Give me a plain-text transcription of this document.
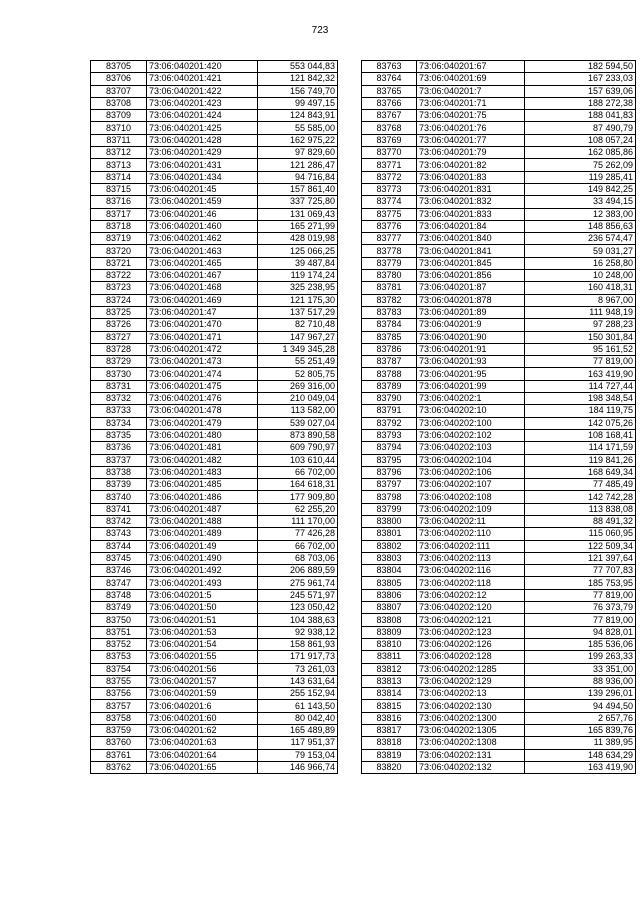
723
83705	73:06:040201:420	553 044,83
83706	73:06:040201:421	121 842,32
83707	73:06:040201:422	156 749,70
83708	73:06:040201:423	99 497,15
83709	73:06:040201:424	124 843,91
83710	73:06:040201:425	55 585,00
83711	73:06:040201:428	162 975,22
83712	73:06:040201:429	97 829,60
83713	73:06:040201:431	121 286,47
83714	73:06:040201:434	94 716,84
83715	73:06:040201:45	157 861,40
83716	73:06:040201:459	337 725,80
83717	73:06:040201:46	131 069,43
83718	73:06:040201:460	165 271,99
83719	73:06:040201:462	428 019,98
83720	73:06:040201:463	125 066,25
83721	73:06:040201:465	39 487,84
83722	73:06:040201:467	119 174,24
83723	73:06:040201:468	325 238,95
83724	73:06:040201:469	121 175,30
83725	73:06:040201:47	137 517,29
83726	73:06:040201:470	82 710,48
83727	73:06:040201:471	147 967,27
83728	73:06:040201:472	1 349 345,28
83729	73:06:040201:473	55 251,49
83730	73:06:040201:474	52 805,75
83731	73:06:040201:475	269 316,00
83732	73:06:040201:476	210 049,04
83733	73:06:040201:478	113 582,00
83734	73:06:040201:479	539 027,04
83735	73:06:040201:480	873 890,58
83736	73:06:040201:481	609 790,97
83737	73:06:040201:482	103 610,44
83738	73:06:040201:483	66 702,00
83739	73:06:040201:485	164 618,31
83740	73:06:040201:486	177 909,80
83741	73:06:040201:487	62 255,20
83742	73:06:040201:488	111 170,00
83743	73:06:040201:489	77 426,28
83744	73:06:040201:49	66 702,00
83745	73:06:040201:490	68 703,06
83746	73:06:040201:492	206 889,59
83747	73:06:040201:493	275 961,74
83748	73:06:040201:5	245 571,97
83749	73:06:040201:50	123 050,42
83750	73:06:040201:51	104 388,63
83751	73:06:040201:53	92 938,12
83752	73:06:040201:54	158 861,93
83753	73:06:040201:55	171 917,73
83754	73:06:040201:56	73 261,03
83755	73:06:040201:57	143 631,64
83756	73:06:040201:59	255 152,94
83757	73:06:040201:6	61 143,50
83758	73:06:040201:60	80 042,40
83759	73:06:040201:62	165 489,89
83760	73:06:040201:63	117 951,37
83761	73:06:040201:64	79 153,04
83762	73:06:040201:65	146 966,74
83763	73:06:040201:67	182 594,50
83764	73:06:040201:69	167 233,03
83765	73:06:040201:7	157 639,06
83766	73:06:040201:71	188 272,38
83767	73:06:040201:75	188 041,83
83768	73:06:040201:76	87 490,79
83769	73:06:040201:77	108 057,24
83770	73:06:040201:79	162 085,86
83771	73:06:040201:82	75 262,09
83772	73:06:040201:83	119 285,41
83773	73:06:040201:831	149 842,25
83774	73:06:040201:832	33 494,15
83775	73:06:040201:833	12 383,00
83776	73:06:040201:84	148 856,63
83777	73:06:040201:840	236 574,47
83778	73:06:040201:841	59 031,27
83779	73:06:040201:845	16 258,80
83780	73:06:040201:856	10 248,00
83781	73:06:040201:87	160 418,31
83782	73:06:040201:878	8 967,00
83783	73:06:040201:89	111 948,19
83784	73:06:040201:9	97 288,23
83785	73:06:040201:90	150 301,84
83786	73:06:040201:91	95 161,52
83787	73:06:040201:93	77 819,00
83788	73:06:040201:95	163 419,90
83789	73:06:040201:99	114 727,44
83790	73:06:040202:1	198 348,54
83791	73:06:040202:10	184 119,75
83792	73:06:040202:100	142 075,26
83793	73:06:040202:102	108 168,41
83794	73:06:040202:103	114 171,59
83795	73:06:040202:104	119 841,26
83796	73:06:040202:106	168 649,34
83797	73:06:040202:107	77 485,49
83798	73:06:040202:108	142 742,28
83799	73:06:040202:109	113 838,08
83800	73:06:040202:11	88 491,32
83801	73:06:040202:110	115 060,95
83802	73:06:040202:111	122 509,34
83803	73:06:040202:113	121 397,64
83804	73:06:040202:116	77 707,83
83805	73:06:040202:118	185 753,95
83806	73:06:040202:12	77 819,00
83807	73:06:040202:120	76 373,79
83808	73:06:040202:121	77 819,00
83809	73:06:040202:123	94 828,01
83810	73:06:040202:126	185 536,06
83811	73:06:040202:128	199 263,33
83812	73:06:040202:1285	33 351,00
83813	73:06:040202:129	88 936,00
83814	73:06:040202:13	139 296,01
83815	73:06:040202:130	94 494,50
83816	73:06:040202:1300	2 657,76
83817	73:06:040202:1305	165 839,76
83818	73:06:040202:1308	11 389,95
83819	73:06:040202:131	148 634,29
83820	73:06:040202:132	163 419,90
